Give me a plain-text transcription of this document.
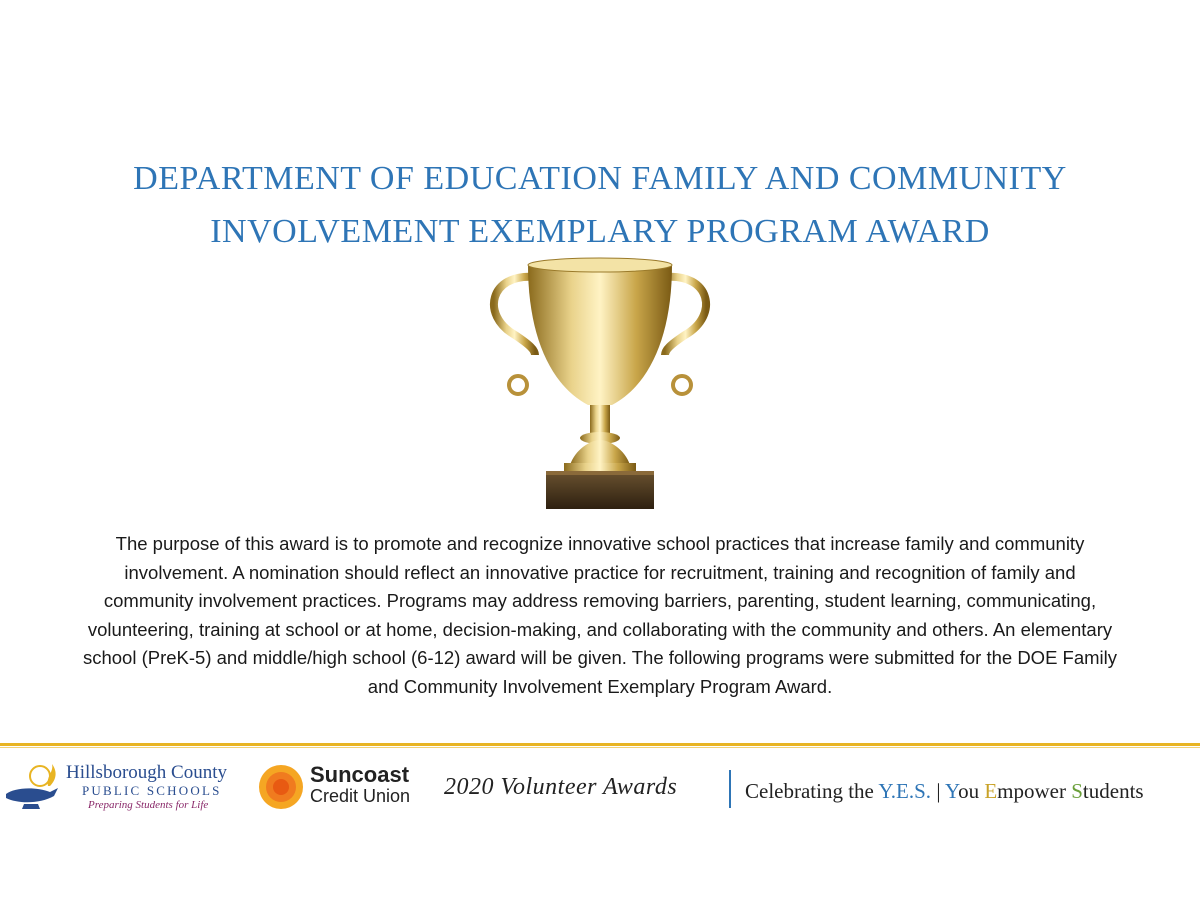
DEPARTMENT OF EDUCATION FAMILY AND COMMUNITY
INVOLVEMENT EXEMPLARY PROGRAM AWARD
The purpose of this award is to promote and recognize innovative school practices that increase family and community
involvement. A nomination should reflect an innovative practice for recruitment, training and recognition of family and
community involvement practices. Programs may address removing barriers, parenting, student learning, communicating,
volunteering, training at school or at home, decision-making, and collaborating with the community and others. An elementary
school (PreK-5) and middle/high school (6-12) award will be given. The following programs were submitted for the DOE Family
and Community Involvement Exemplary Program Award.
Hillsborough County
PUBLIC SCHOOLS
Preparing Students for Life
Suncoast
Credit Union 2020 Volunteer Awards	Celebrating the Y.E.S. | You Empower Students
